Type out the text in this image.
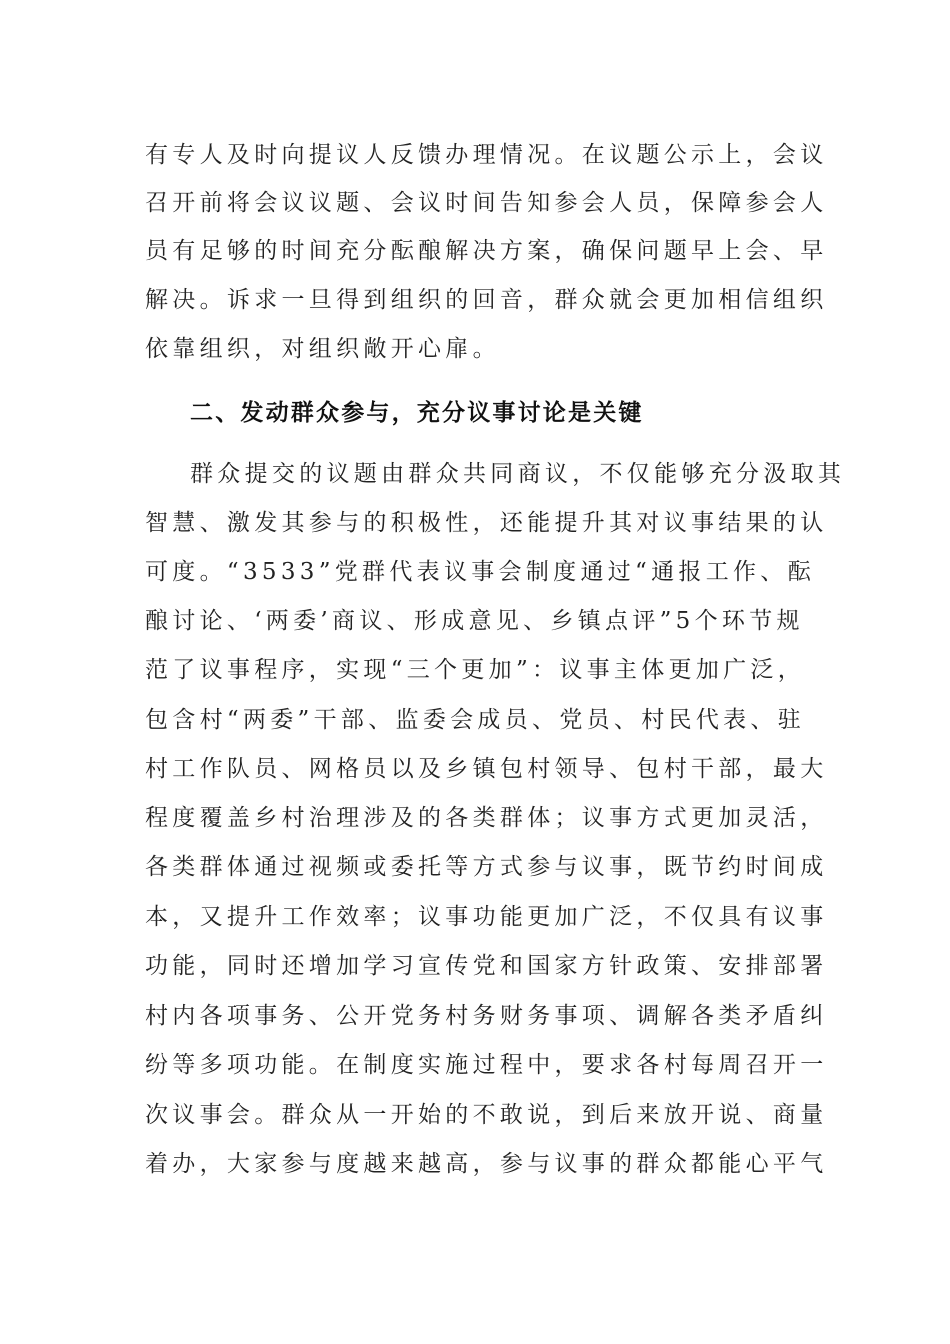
有专人及时向提议人反馈办理情况。在议题公示上，会议
召开前将会议议题、会议时间告知参会人员，保障参会人
员有足够的时间充分酝酿解决方案，确保问题早上会、早
解决。诉求一旦得到组织的回音，群众就会更加相信组织
依靠组织，对组织敞开心扉。
二、发动群众参与，充分议事讨论是关键
群众提交的议题由群众共同商议，不仅能够充分汲取其
智慧、激发其参与的积极性，还能提升其对议事结果的认
可度。“3533”党群代表议事会制度通过“通报工作、酝
酿讨论、‘两委’商议、形成意见、乡镇点评”5个环节规
范了议事程序，实现“三个更加”：议事主体更加广泛，
包含村“两委”干部、监委会成员、党员、村民代表、驻
村工作队员、网格员以及乡镇包村领导、包村干部，最大
程度覆盖乡村治理涉及的各类群体；议事方式更加灵活，
各类群体通过视频或委托等方式参与议事，既节约时间成
本，又提升工作效率；议事功能更加广泛，不仅具有议事
功能，同时还增加学习宣传党和国家方针政策、安排部署
村内各项事务、公开党务村务财务事项、调解各类矛盾纠
纷等多项功能。在制度实施过程中，要求各村每周召开一
次议事会。群众从一开始的不敢说，到后来放开说、商量
着办，大家参与度越来越高，参与议事的群众都能心平气
